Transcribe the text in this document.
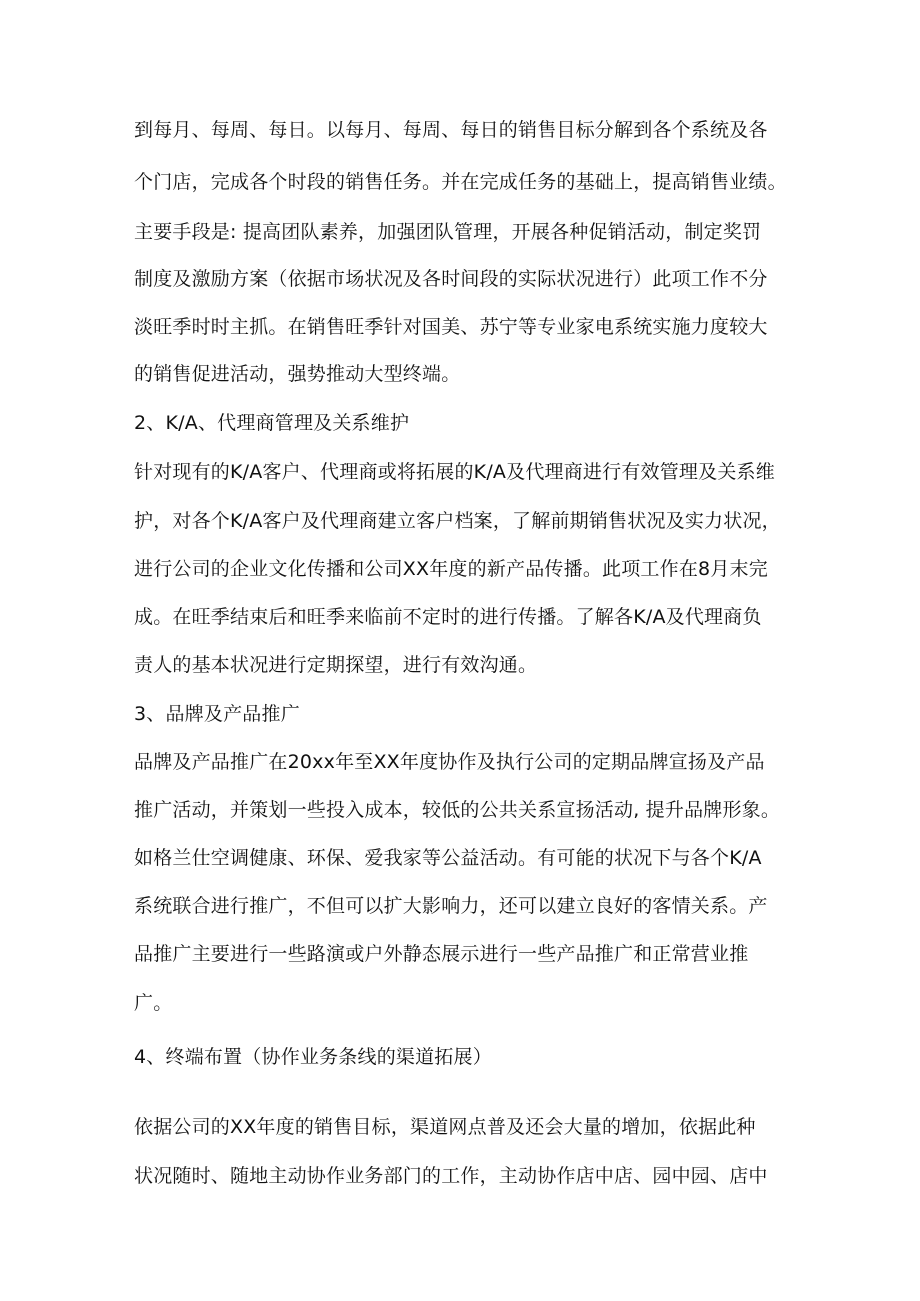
到每月、每周、每日。以每月、每周、每日的销售目标分解到各个系统及各
个门店，完成各个时段的销售任务。并在完成任务的基础上，提高销售业绩。
主要手段是: 提高团队素养，加强团队管理，开展各种促销活动，制定奖罚
制度及激励方案（依据市场状况及各时间段的实际状况进行）此项工作不分
淡旺季时时主抓。在销售旺季针对国美、苏宁等专业家电系统实施力度较大
的销售促进活动，强势推动大型终端。
2、K/A、代理商管理及关系维护
针对现有的K/A客户、代理商或将拓展的K/A及代理商进行有效管理及关系维
护，对各个K/A客户及代理商建立客户档案，了解前期销售状况及实力状况，
进行公司的企业文化传播和公司XX年度的新产品传播。此项工作在8月末完
成。在旺季结束后和旺季来临前不定时的进行传播。了解各K/A及代理商负
责人的基本状况进行定期探望，进行有效沟通。
3、品牌及产品推广
品牌及产品推广在20xx年至XX年度协作及执行公司的定期品牌宣扬及产品
推广活动，并策划一些投入成本，较低的公共关系宣扬活动, 提升品牌形象。
如格兰仕空调健康、环保、爱我家等公益活动。有可能的状况下与各个K/A
系统联合进行推广，不但可以扩大影响力，还可以建立良好的客情关系。产
品推广主要进行一些路演或户外静态展示进行一些产品推广和正常营业推
广。
4、终端布置（协作业务条线的渠道拓展）
依据公司的XX年度的销售目标，渠道网点普及还会大量的增加，依据此种
状况随时、随地主动协作业务部门的工作，主动协作店中店、园中园、店中
